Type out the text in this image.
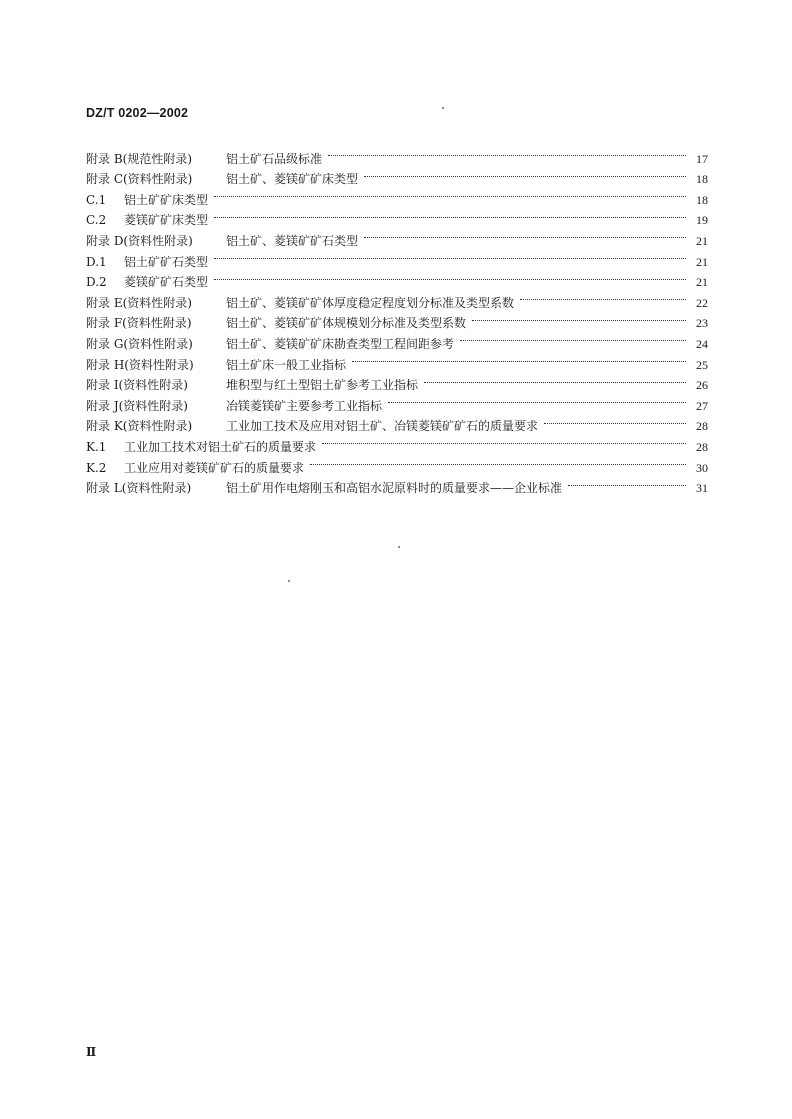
DZ/T 0202—2002
附录 B(规范性附录)	铝土矿石品级标准	17
附录 C(资料性附录)	铝土矿、菱镁矿矿床类型	18
C.1	铝土矿矿床类型	18
C.2	菱镁矿矿床类型	19
附录 D(资料性附录)	铝土矿、菱镁矿矿石类型	21
D.1	铝土矿矿石类型	21
D.2	菱镁矿矿石类型	21
附录 E(资料性附录)	铝土矿、菱镁矿矿体厚度稳定程度划分标准及类型系数	22
附录 F(资料性附录)	铝土矿、菱镁矿矿体规模划分标准及类型系数	23
附录 G(资料性附录)	铝土矿、菱镁矿矿床勘查类型工程间距参考	24
附录 H(资料性附录)	铝土矿床一般工业指标	25
附录 I(资料性附录)	堆积型与红土型铝土矿参考工业指标	26
附录 J(资料性附录)	冶镁菱镁矿主要参考工业指标	27
附录 K(资料性附录)	工业加工技术及应用对铝土矿、冶镁菱镁矿矿石的质量要求	28
K.1	工业加工技术对铝土矿石的质量要求	28
K.2	工业应用对菱镁矿矿石的质量要求	30
附录 L(资料性附录)	铝土矿用作电熔刚玉和高铝水泥原料时的质量要求——企业标准	31
Ⅱ
